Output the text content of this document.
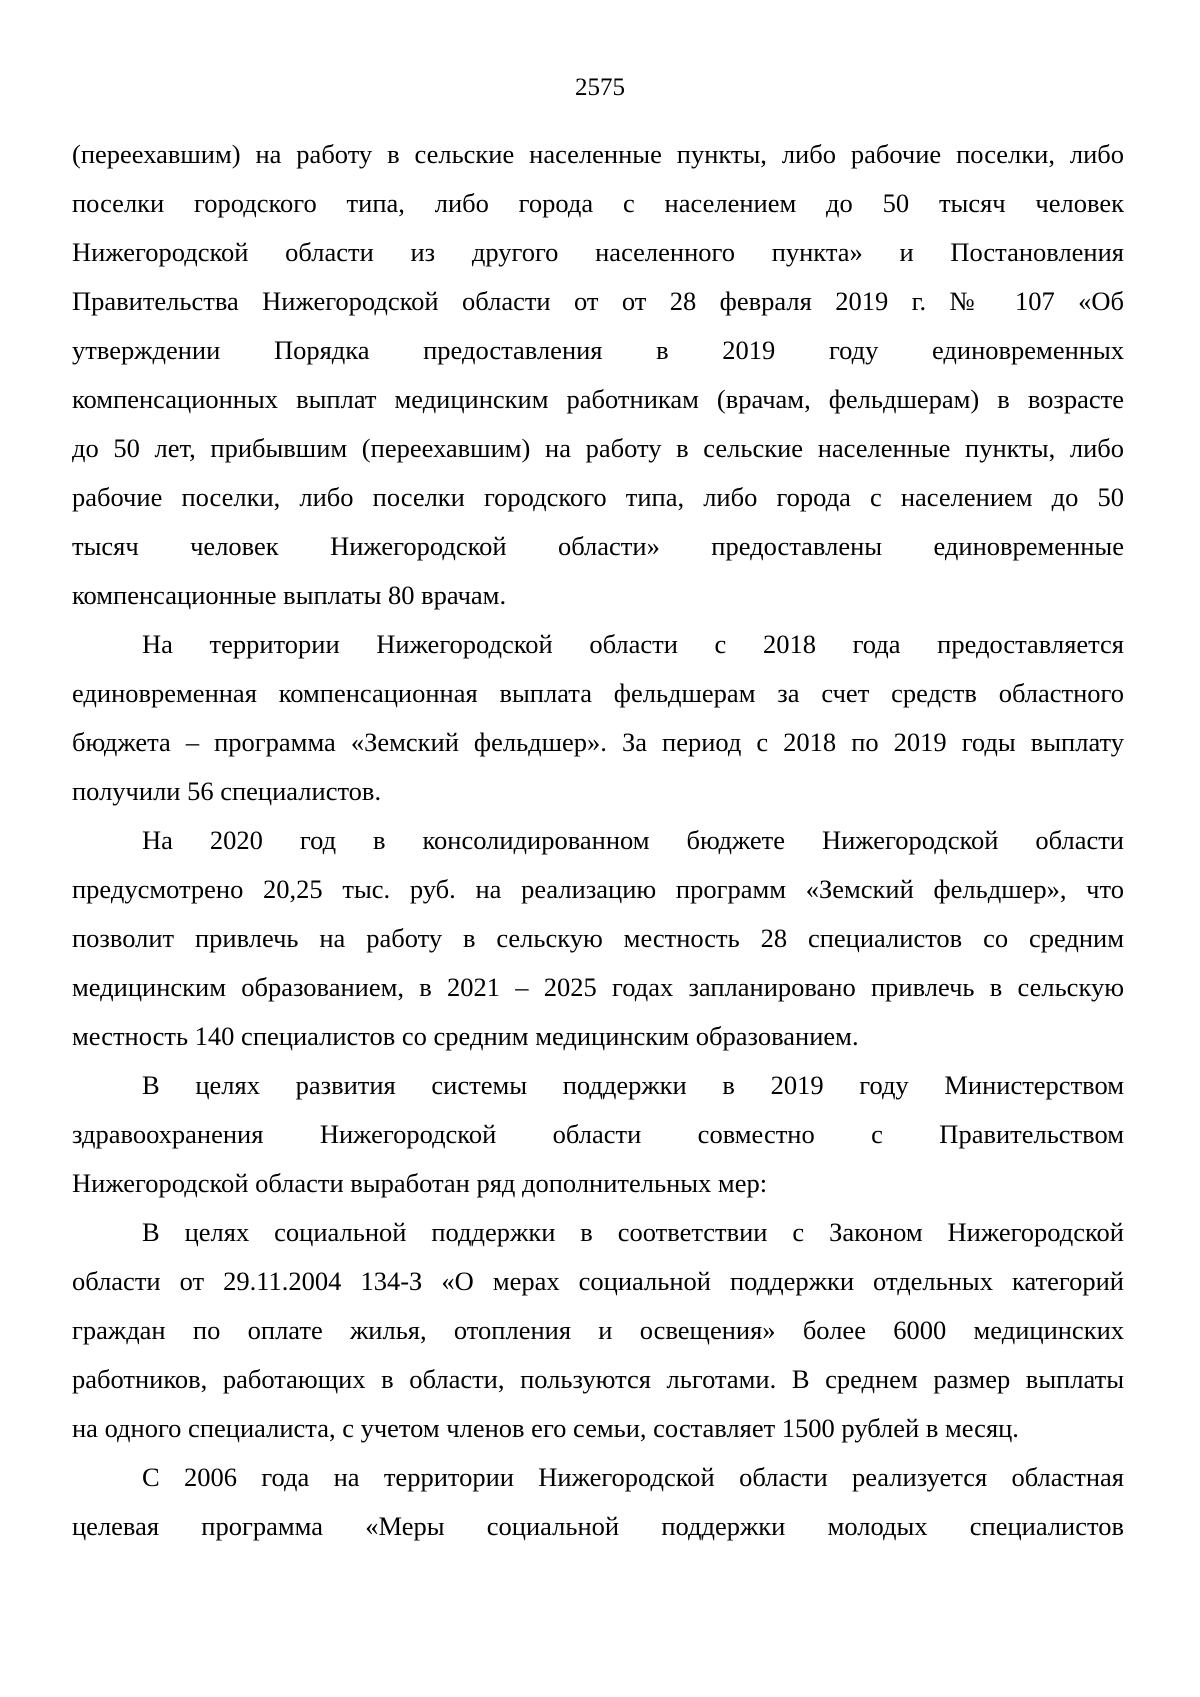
2575
(переехавшим) на работу в сельские населенные пункты, либо рабочие поселки, либо
поселки городского типа, либо города с населением до 50 тысяч человек
Нижегородской области из другого населенного пункта» и Постановления
Правительства Нижегородской области от от 28 февраля 2019 г. № 107 «Об
утверждении Порядка предоставления в 2019 году единовременных
компенсационных выплат медицинским работникам (врачам, фельдшерам) в возрасте
до 50 лет, прибывшим (переехавшим) на работу в сельские населенные пункты, либо
рабочие поселки, либо поселки городского типа, либо города с населением до 50
тысяч человек Нижегородской области» предоставлены единовременные
компенсационные выплаты 80 врачам.
На территории Нижегородской области с 2018 года предоставляется
единовременная компенсационная выплата фельдшерам за счет средств областного
бюджета – программа «Земский фельдшер». За период с 2018 по 2019 годы выплату
получили 56 специалистов.
На 2020 год в консолидированном бюджете Нижегородской области
предусмотрено 20,25 тыс. руб. на реализацию программ «Земский фельдшер», что
позволит привлечь на работу в сельскую местность 28 специалистов со средним
медицинским образованием, в 2021 – 2025 годах запланировано привлечь в сельскую
местность 140 специалистов со средним медицинским образованием.
В целях развития системы поддержки в 2019 году Министерством
здравоохранения Нижегородской области совместно с Правительством
Нижегородской области выработан ряд дополнительных мер:
В целях социальной поддержки в соответствии с Законом Нижегородской
области от 29.11.2004 134-З «О мерах социальной поддержки отдельных категорий
граждан по оплате жилья, отопления и освещения» более 6000 медицинских
работников, работающих в области, пользуются льготами. В среднем размер выплаты
на одного специалиста, с учетом членов его семьи, составляет 1500 рублей в месяц.
С 2006 года на территории Нижегородской области реализуется областная
целевая программа «Меры социальной поддержки молодых специалистов
